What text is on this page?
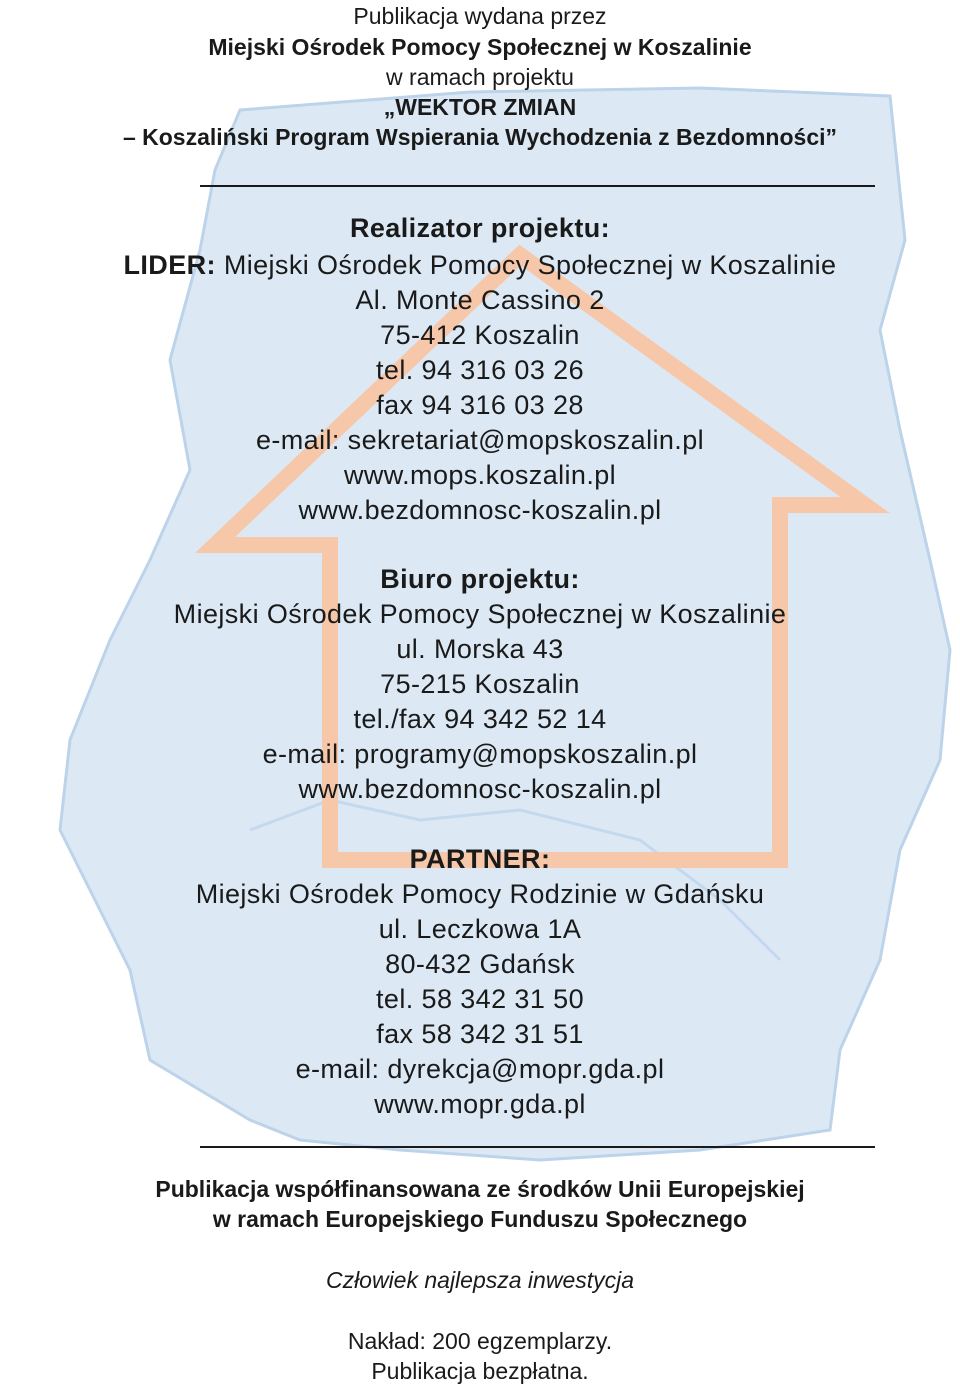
Publikacja wydana przez
Miejski Ośrodek Pomocy Społecznej w Koszalinie
w ramach projektu
„WEKTOR ZMIAN
– Koszaliński Program Wspierania Wychodzenia z Bezdomności”
Realizator projektu:
LIDER: Miejski Ośrodek Pomocy Społecznej w Koszalinie
Al. Monte Cassino 2
75-412 Koszalin
tel. 94 316 03 26
fax 94 316 03 28
e-mail: sekretariat@mopskoszalin.pl
www.mops.koszalin.pl
www.bezdomnosc-koszalin.pl
Biuro projektu:
Miejski Ośrodek Pomocy Społecznej w Koszalinie
ul. Morska 43
75-215 Koszalin
tel./fax 94 342 52 14
e-mail: programy@mopskoszalin.pl
www.bezdomnosc-koszalin.pl
PARTNER:
Miejski Ośrodek Pomocy Rodzinie w Gdańsku
ul. Leczkowa 1A
80-432 Gdańsk
tel. 58 342 31 50
fax 58 342 31 51
e-mail: dyrekcja@mopr.gda.pl
www.mopr.gda.pl
Publikacja współfinansowana ze środków Unii Europejskiej
w ramach Europejskiego Funduszu Społecznego
Człowiek najlepsza inwestycja
Nakład: 200 egzemplarzy.
Publikacja bezpłatna.
